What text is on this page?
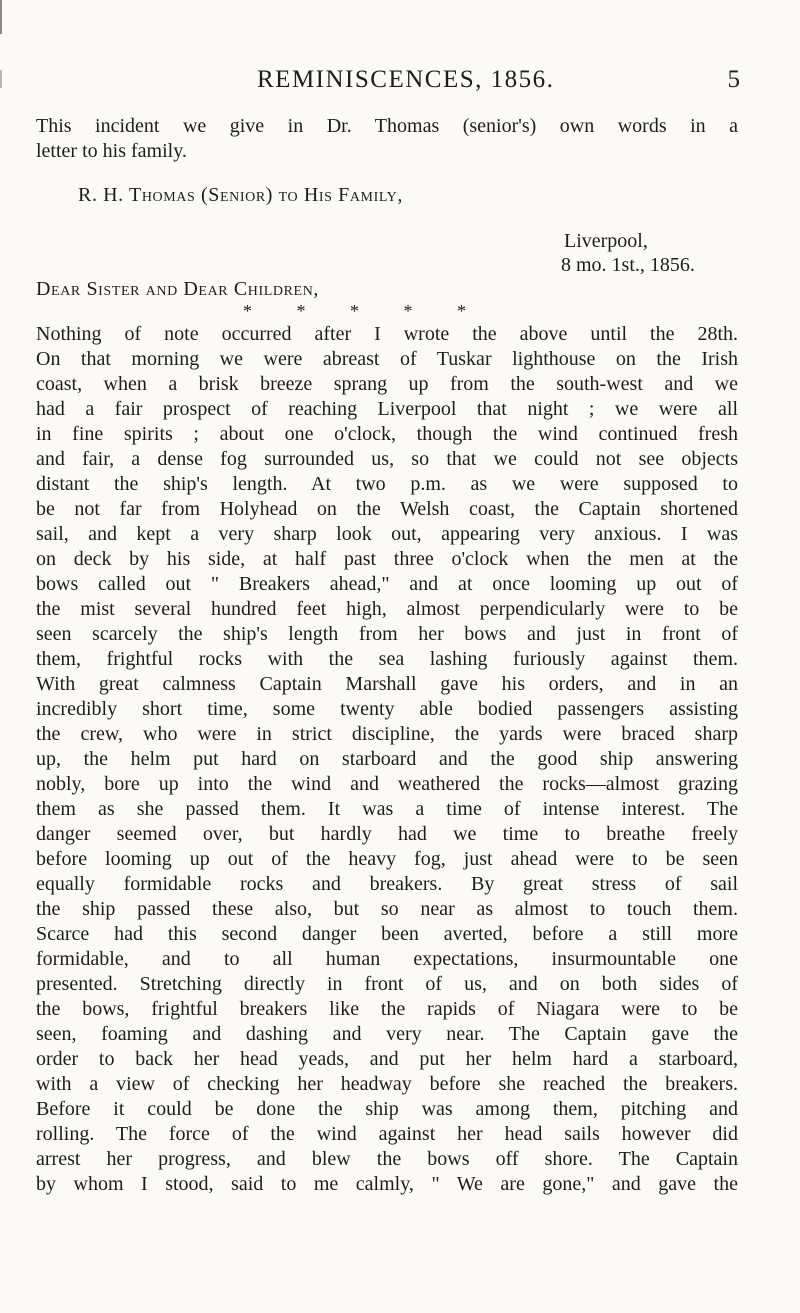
REMINISCENCES, 1856.	5
This incident we give in Dr. Thomas (senior's) own words in a
letter to his family.
R. H. Thomas (Senior) to His Family,
Liverpool,
8 mo. 1st., 1856.
Dear Sister and Dear Children,
* * * * *
Nothing of note occurred after I wrote the above until the 28th.
On that morning we were abreast of Tuskar lighthouse on the Irish
coast, when a brisk breeze sprang up from the south-west and we
had a fair prospect of reaching Liverpool that night ; we were all
in fine spirits ; about one o'clock, though the wind continued fresh
and fair, a dense fog surrounded us, so that we could not see objects
distant the ship's length. At two p.m. as we were supposed to
be not far from Holyhead on the Welsh coast, the Captain shortened
sail, and kept a very sharp look out, appearing very anxious. I was
on deck by his side, at half past three o'clock when the men at the
bows called out " Breakers ahead," and at once looming up out of
the mist several hundred feet high, almost perpendicularly were to be
seen scarcely the ship's length from her bows and just in front of
them, frightful rocks with the sea lashing furiously against them.
With great calmness Captain Marshall gave his orders, and in an
incredibly short time, some twenty able bodied passengers assisting
the crew, who were in strict discipline, the yards were braced sharp
up, the helm put hard on starboard and the good ship answering
nobly, bore up into the wind and weathered the rocks—almost grazing
them as she passed them. It was a time of intense interest. The
danger seemed over, but hardly had we time to breathe freely
before looming up out of the heavy fog, just ahead were to be seen
equally formidable rocks and breakers. By great stress of sail
the ship passed these also, but so near as almost to touch them.
Scarce had this second danger been averted, before a still more
formidable, and to all human expectations, insurmountable one
presented. Stretching directly in front of us, and on both sides of
the bows, frightful breakers like the rapids of Niagara were to be
seen, foaming and dashing and very near. The Captain gave the
order to back her head yeads, and put her helm hard a starboard,
with a view of checking her headway before she reached the breakers.
Before it could be done the ship was among them, pitching and
rolling. The force of the wind against her head sails however did
arrest her progress, and blew the bows off shore. The Captain
by whom I stood, said to me calmly, " We are gone," and gave the
